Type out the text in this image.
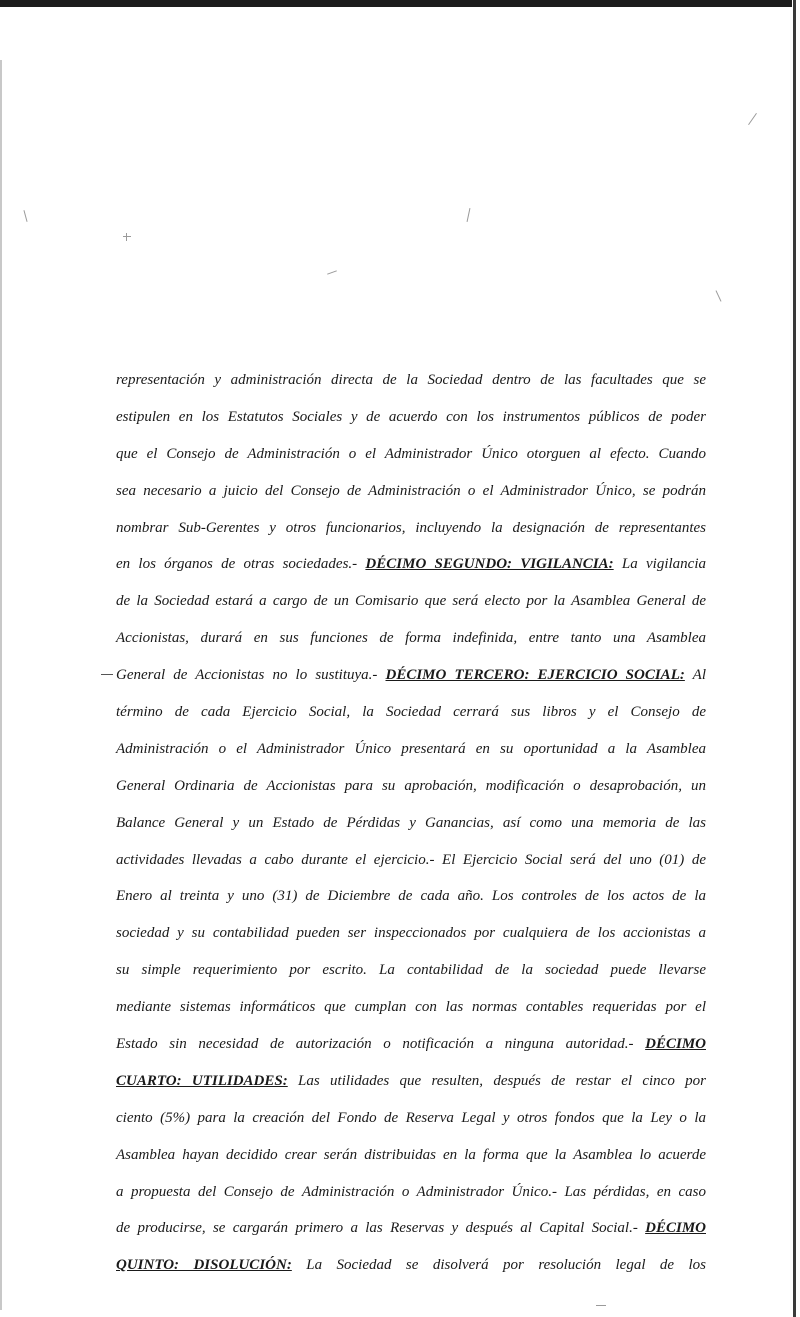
representación y administración directa de la Sociedad dentro de las facultades que se
estipulen en los Estatutos Sociales y de acuerdo con los instrumentos públicos de poder
que el Consejo de Administración o el Administrador Único otorguen al efecto. Cuando
sea necesario a juicio del Consejo de Administración o el Administrador Único, se podrán
nombrar Sub-Gerentes y otros funcionarios, incluyendo la designación de representantes
en los órganos de otras sociedades.- DÉCIMO SEGUNDO: VIGILANCIA: La vigilancia
de la Sociedad estará a cargo de un Comisario que será electo por la Asamblea General de
Accionistas, durará en sus funciones de forma indefinida, entre tanto una Asamblea
General de Accionistas no lo sustituya.- DÉCIMO TERCERO: EJERCICIO SOCIAL: Al
término de cada Ejercicio Social, la Sociedad cerrará sus libros y el Consejo de
Administración o el Administrador Único presentará en su oportunidad a la Asamblea
General Ordinaria de Accionistas para su aprobación, modificación o desaprobación, un
Balance General y un Estado de Pérdidas y Ganancias, así como una memoria de las
actividades llevadas a cabo durante el ejercicio.- El Ejercicio Social será del uno (01) de
Enero al treinta y uno (31) de Diciembre de cada año. Los controles de los actos de la
sociedad y su contabilidad pueden ser inspeccionados por cualquiera de los accionistas a
su simple requerimiento por escrito. La contabilidad de la sociedad puede llevarse
mediante sistemas informáticos que cumplan con las normas contables requeridas por el
Estado sin necesidad de autorización o notificación a ninguna autoridad.- DÉCIMO
CUARTO: UTILIDADES: Las utilidades que resulten, después de restar el cinco por
ciento (5%) para la creación del Fondo de Reserva Legal y otros fondos que la Ley o la
Asamblea hayan decidido crear serán distribuidas en la forma que la Asamblea lo acuerde
a propuesta del Consejo de Administración o Administrador Único.- Las pérdidas, en caso
de producirse, se cargarán primero a las Reservas y después al Capital Social.- DÉCIMO
QUINTO: DISOLUCIÓN: La Sociedad se disolverá por resolución legal de los
